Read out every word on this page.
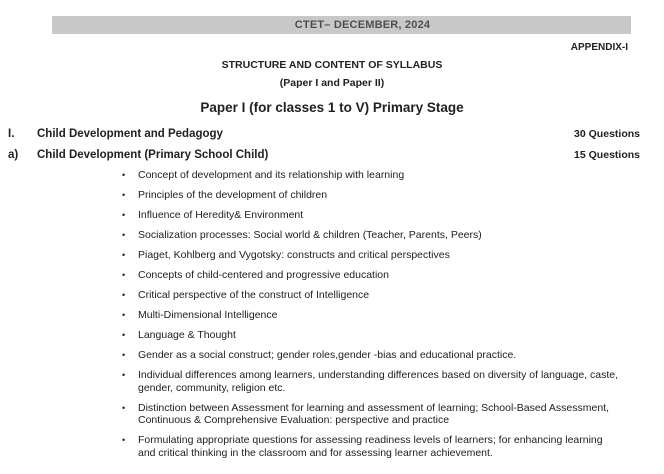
CTET– DECEMBER, 2024
APPENDIX-I
STRUCTURE AND CONTENT OF SYLLABUS
(Paper I and Paper II)
Paper I (for classes 1 to V) Primary Stage
I.	Child Development and Pedagogy	30 Questions
a)	Child Development (Primary School Child)	15 Questions
•
Concept of development and its relationship with learning
•
Principles of the development of children
•
Influence of Heredity& Environment
•
Socialization processes: Social world & children (Teacher, Parents, Peers)
•
Piaget, Kohlberg and Vygotsky: constructs and critical perspectives
•
Concepts of child-centered and progressive education
•
Critical perspective of the construct of Intelligence
•
Multi-Dimensional Intelligence
•
Language & Thought
•
Gender as a social construct; gender roles,gender -bias and educational practice.
•
Individual differences among learners, understanding differences based on diversity of language, caste, gender, community, religion etc.
•
Distinction between Assessment for learning and assessment of learning; School-Based Assessment, Continuous & Comprehensive Evaluation: perspective and practice
•
Formulating appropriate questions for assessing readiness levels of learners; for enhancing learning and critical thinking in the classroom and for assessing learner achievement.
